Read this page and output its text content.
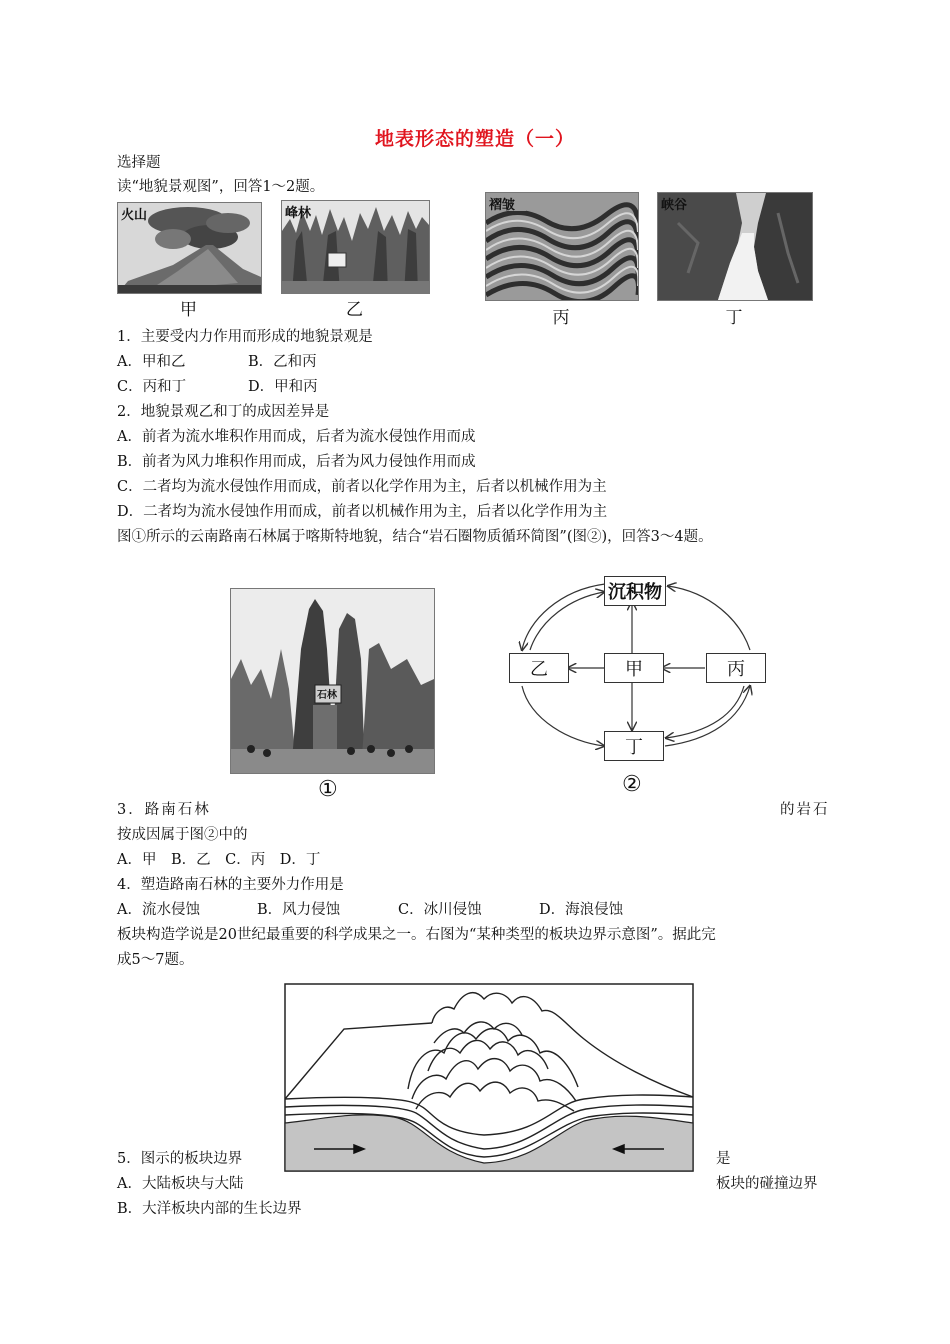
地表形态的塑造（一）
选择题
读“地貌景观图”，回答1～2题。
火山
甲
峰林
乙
褶皱
丙
峡谷
丁
1．主要受内力作用而形成的地貌景观是
A．甲和乙	B．乙和丙
C．丙和丁	D．甲和丙
2．地貌景观乙和丁的成因差异是
A．前者为流水堆积作用而成，后者为流水侵蚀作用而成
B．前者为风力堆积作用而成，后者为风力侵蚀作用而成
C．二者均为流水侵蚀作用而成，前者以化学作用为主，后者以机械作用为主
D．二者均为流水侵蚀作用而成，前者以机械作用为主，后者以化学作用为主
图①所示的云南路南石林属于喀斯特地貌，结合“岩石圈物质循环简图”(图②)，回答3～4题。
石林
①
沉积物
乙	甲	丙
丁
②
3．路南石林	的岩石
按成因属于图②中的
A．甲　B．乙　C．丙　D．丁
4．塑造路南石林的主要外力作用是
A．流水侵蚀	B．风力侵蚀	C．冰川侵蚀	D．海浪侵蚀
板块构造学说是20世纪最重要的科学成果之一。右图为“某种类型的板块边界示意图”。据此完
成5～7题。
5．图示的板块边界	是
A．大陆板块与大陆	板块的碰撞边界
B．大洋板块内部的生长边界
